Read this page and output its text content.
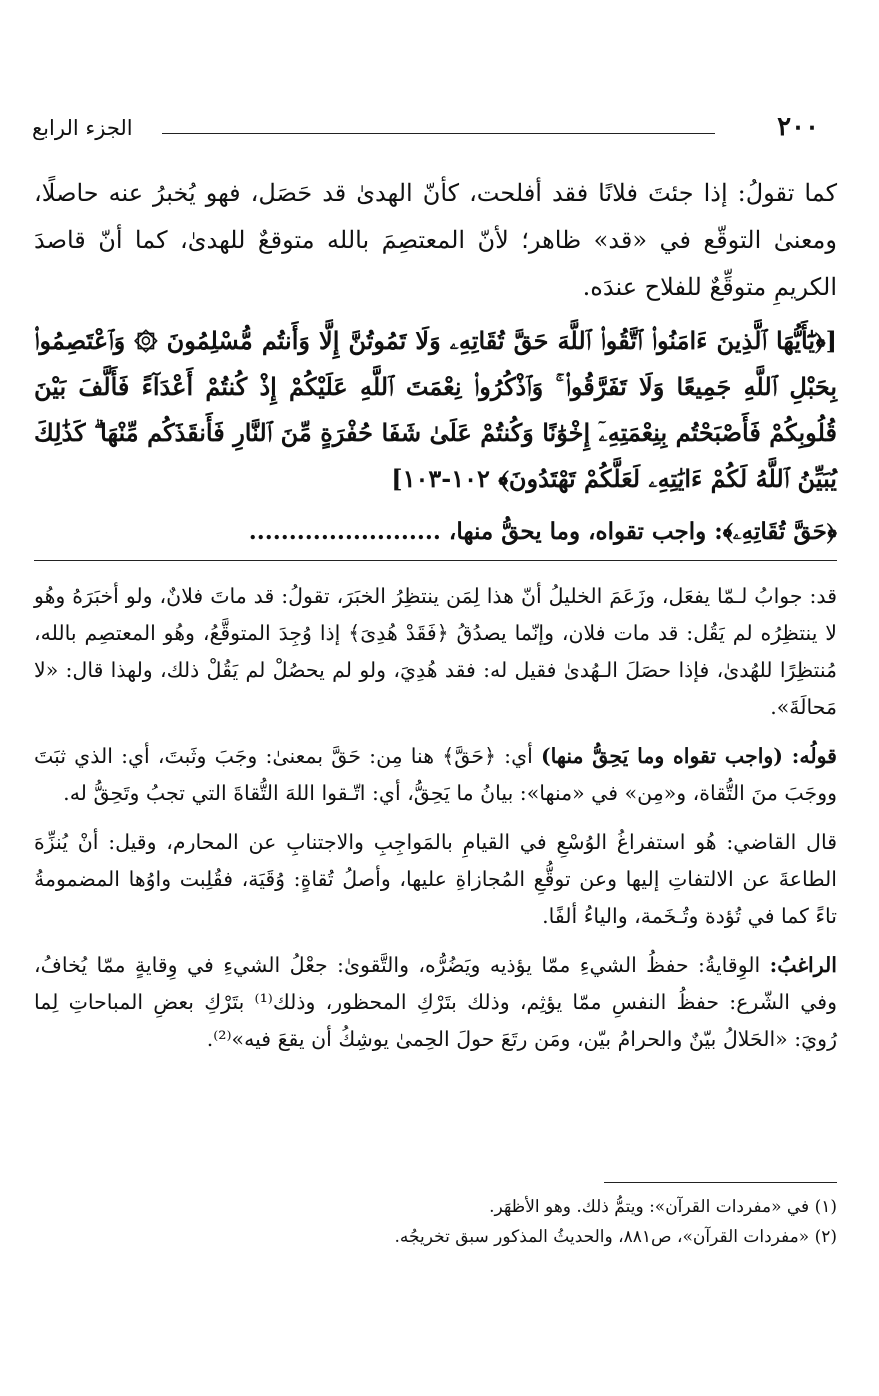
٢٠٠
الجزء الرابع

كما تقولُ: إذا جئتَ فلانًا فقد أفلحت، كأنّ الهدىٰ قد حَصَل، فهو يُخبرُ عنه حاصلًا، ومعنىٰ التوقّع في «قد» ظاهر؛ لأنّ المعتصِمَ بالله متوقعٌ للهدىٰ، كما أنّ قاصدَ الكريمِ متوقِّعٌ للفلاح عندَه.

[﴿يَٰٓأَيُّهَا ٱلَّذِينَ ءَامَنُوا۟ ٱتَّقُوا۟ ٱللَّهَ حَقَّ تُقَاتِهِۦ وَلَا تَمُوتُنَّ إِلَّا وَأَنتُم مُّسْلِمُونَ ۞ وَٱعْتَصِمُوا۟ بِحَبْلِ ٱللَّهِ جَمِيعًا وَلَا تَفَرَّقُوا۟ ۚ وَٱذْكُرُوا۟ نِعْمَتَ ٱللَّهِ عَلَيْكُمْ إِذْ كُنتُمْ أَعْدَآءً فَأَلَّفَ بَيْنَ قُلُوبِكُمْ فَأَصْبَحْتُم بِنِعْمَتِهِۦٓ إِخْوَٰنًا وَكُنتُمْ عَلَىٰ شَفَا حُفْرَةٍ مِّنَ ٱلنَّارِ فَأَنقَذَكُم مِّنْهَا ۗ كَذَٰلِكَ يُبَيِّنُ ٱللَّهُ لَكُمْ ءَايَٰتِهِۦ لَعَلَّكُمْ تَهْتَدُونَ﴾ ١٠٢-١٠٣]

﴿حَقَّ تُقَاتِهِۦ﴾: واجب تقواه، وما يحقُّ منها، ........................

قد: جوابُ لـمّا يفعَل، وزَعَمَ الخليلُ أنّ هذا لِمَن ينتظِرُ الخبَرَ، تقولُ: قد ماتَ فلانٌ، ولو أخبَرَهُ وهُو لا ينتظِرُه لم يَقُل: قد مات فلان، وإنّما يصدُقُ ﴿فَقَدْ هُدِىَ﴾ إذا وُجِدَ المتوقَّعُ، وهُو المعتصِم بالله، مُنتظِرًا للهُدىٰ، فإذا حصَلَ الـهُدىٰ فقيل له: فقد هُدِيَ، ولو لم يحصُلْ لم يَقُلْ ذلك، ولهذا قال: «لا مَحالَةَ».

قولُه: (واجب تقواه وما يَحِقُّ منها) أي: ﴿حَقَّ﴾ هنا مِن: حَقَّ بمعنىٰ: وجَبَ وثَبتَ، أي: الذي ثبَتَ ووجَبَ منَ التُّقاة، و«مِن» في «منها»: بيانُ ما يَحِقُّ، أي: اتّـقوا اللهَ التُّقاةَ التي تجبُ وتَحِقُّ له.

قال القاضي: هُو استفراغُ الوُسْعِ في القيامِ بالمَواجِبِ والاجتنابِ عن المحارم، وقيل: أنْ يُنزِّهَ الطاعةَ عن الالتفاتِ إليها وعن توقُّعِ المُجازاةِ عليها، وأصلُ تُقاةٍ: وُقَيَة، فقُلِبت واوُها المضمومةُ تاءً كما في تُؤدة وتُـخَمة، والياءُ ألفًا.

الراغبُ: الوِقايةُ: حفظُ الشيءِ ممّا يؤذيه ويَضُرُّه، والتَّقوىٰ: جعْلُ الشيءِ في وِقايةٍ ممّا يُخافُ، وفي الشّرع: حفظُ النفسِ ممّا يؤثِم، وذلك بتَرْكِ المحظور، وذلك⁽¹⁾ بتَرْكِ بعضِ المباحاتِ لِما رُويَ: «الحَلالُ بيّنٌ والحرامُ بيّن، ومَن رتَعَ حولَ الحِمىٰ يوشِكُ أن يقعَ فيه»⁽²⁾.

(١) في «مفردات القرآن»: ويتمُّ ذلك. وهو الأظهَر.

(٢) «مفردات القرآن»، ص٨٨١، والحديثُ المذكور سبق تخريجُه.
